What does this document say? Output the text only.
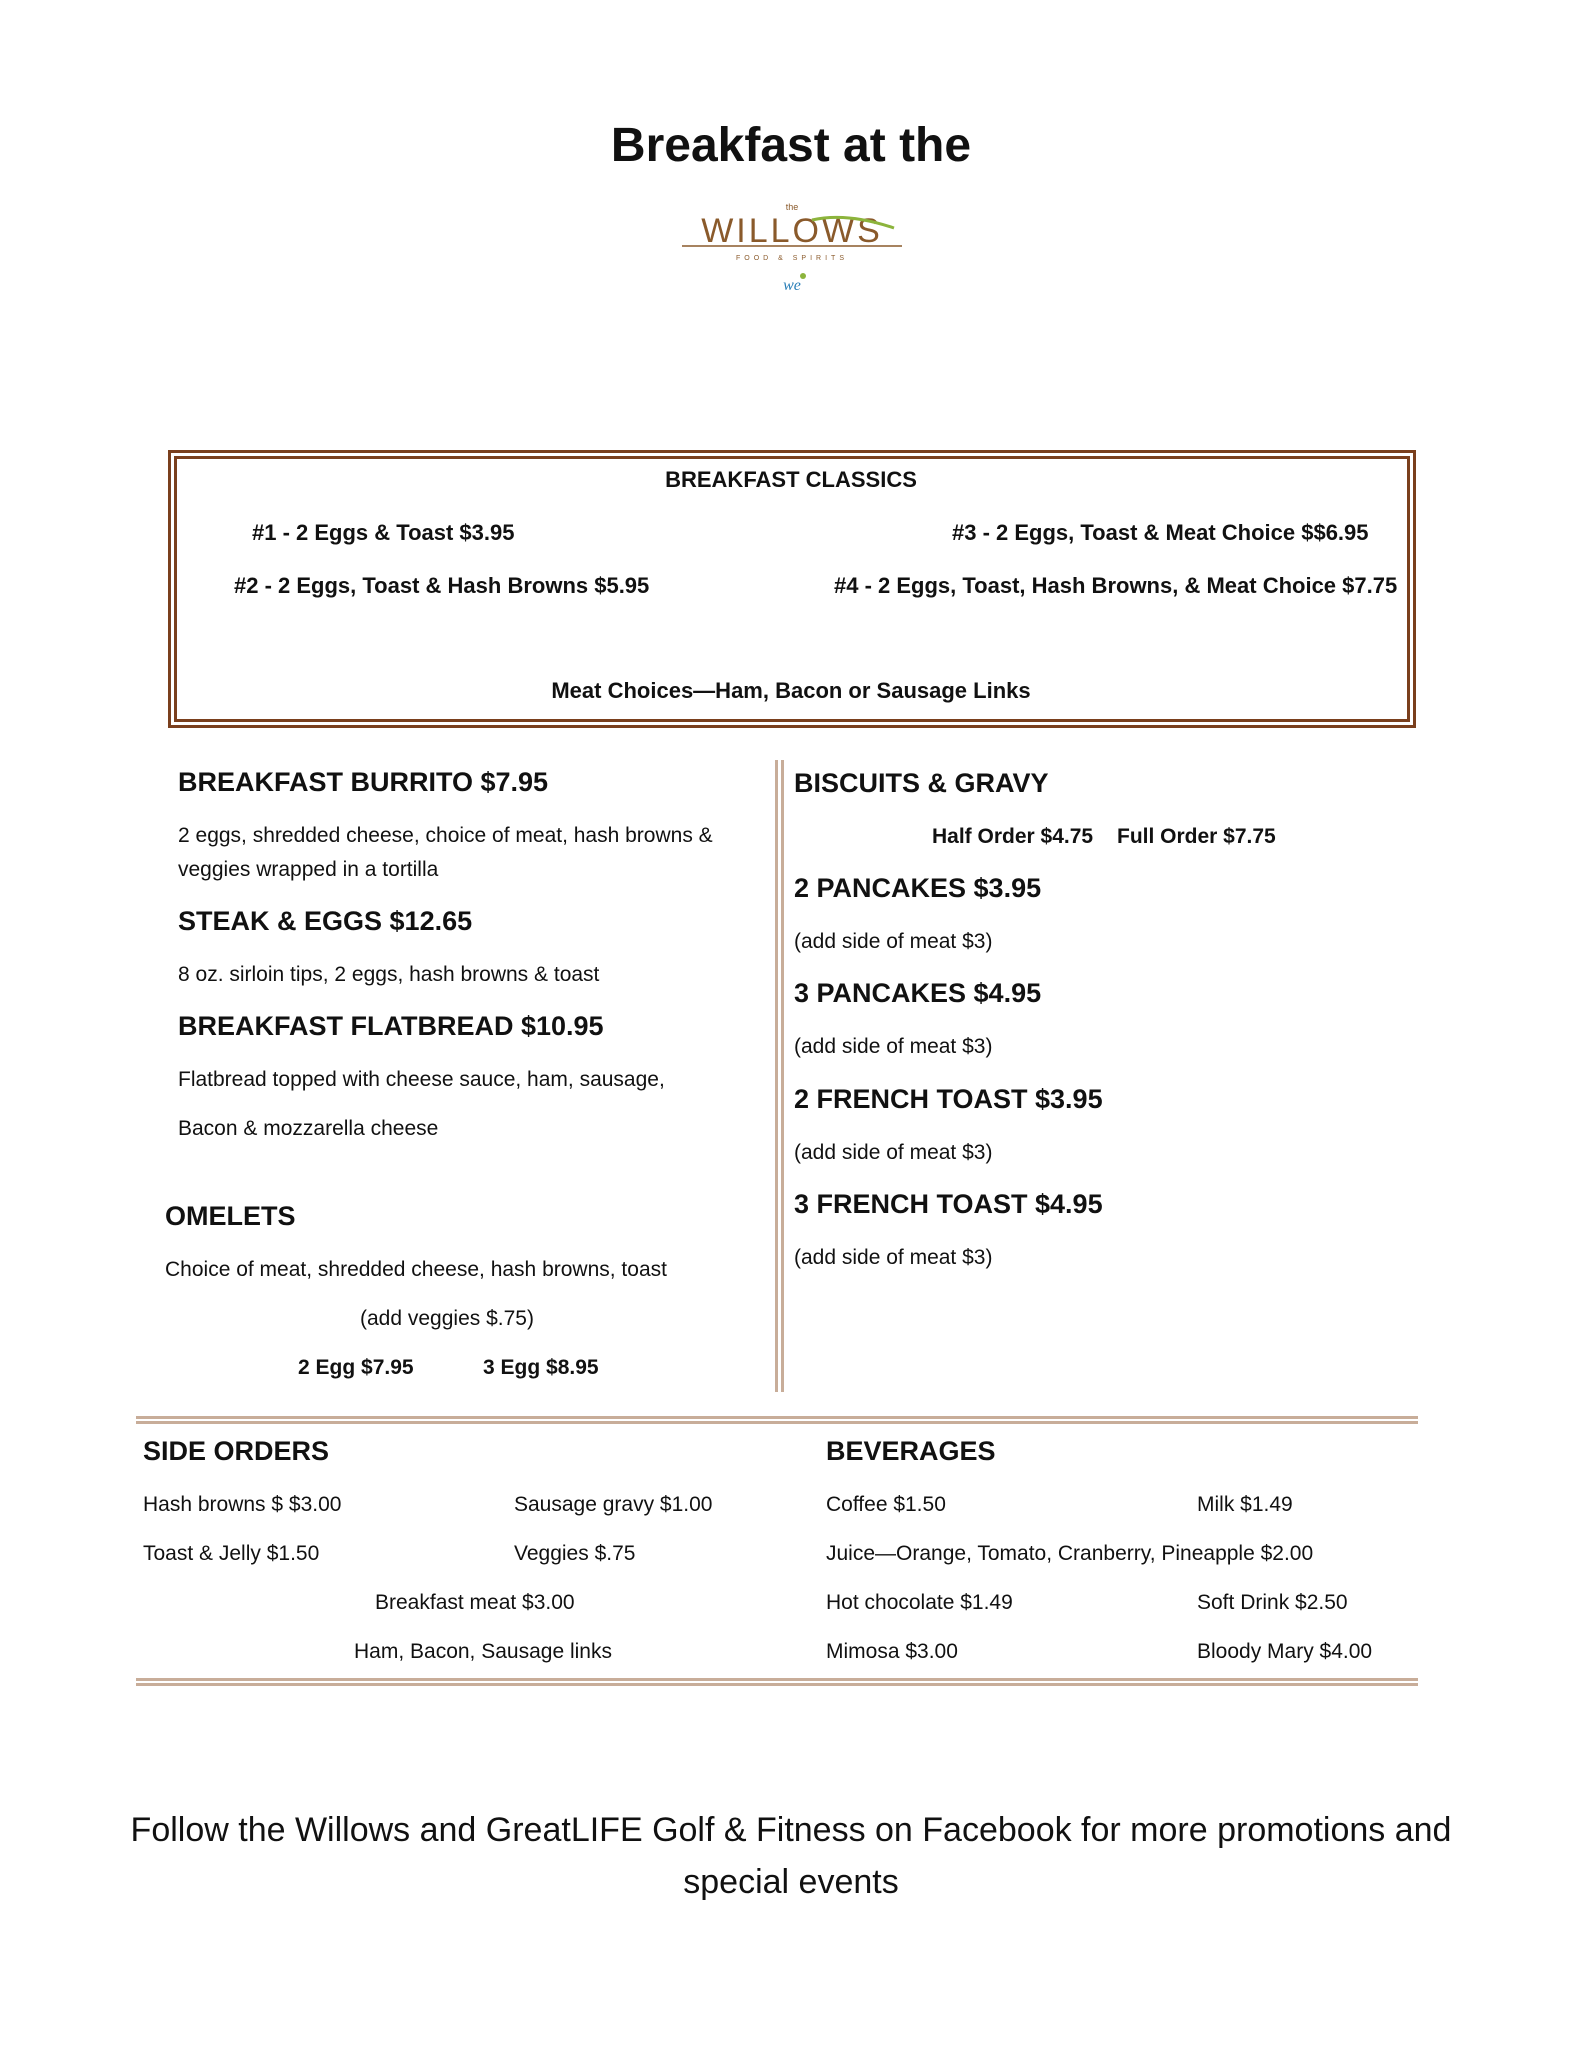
Breakfast at the
the
WILLOWS
FOOD & SPIRITS
we
BREAKFAST CLASSICS
#1 - 2 Eggs & Toast $3.95
#2 - 2 Eggs, Toast & Hash Browns $5.95
#3 - 2 Eggs, Toast & Meat Choice $$6.95
#4 - 2 Eggs, Toast, Hash Browns, & Meat Choice $7.75
Meat Choices—Ham, Bacon or Sausage Links
BREAKFAST BURRITO $7.95
2 eggs, shredded cheese, choice of meat, hash browns &
veggies wrapped in a tortilla
STEAK & EGGS $12.65
8 oz. sirloin tips, 2 eggs, hash browns & toast
BREAKFAST FLATBREAD $10.95
Flatbread topped with cheese sauce, ham, sausage,
Bacon & mozzarella cheese
OMELETS
Choice of meat, shredded cheese, hash browns, toast
(add veggies $.75)
2 Egg $7.95	3 Egg $8.95
BISCUITS & GRAVY
Half Order $4.75 Full Order $7.75
2 PANCAKES $3.95
(add side of meat $3)
3 PANCAKES $4.95
(add side of meat $3)
2 FRENCH TOAST $3.95
(add side of meat $3)
3 FRENCH TOAST $4.95
(add side of meat $3)
SIDE ORDERS
Hash browns $ $3.00	Sausage gravy $1.00
Toast & Jelly $1.50	Veggies $.75
Breakfast meat $3.00
Ham, Bacon, Sausage links
BEVERAGES
Coffee $1.50	Milk $1.49
Juice—Orange, Tomato, Cranberry, Pineapple $2.00
Hot chocolate $1.49	Soft Drink $2.50
Mimosa $3.00	Bloody Mary $4.00
Follow the Willows and GreatLIFE Golf & Fitness on Facebook for more promotions and
special events
